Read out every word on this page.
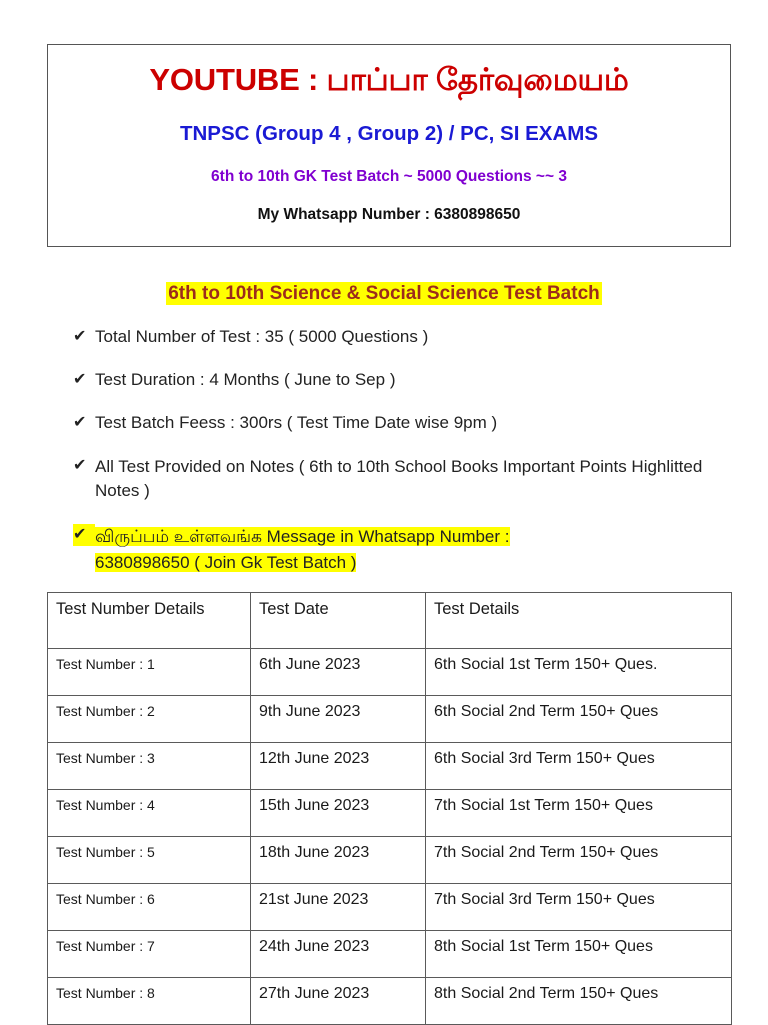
YOUTUBE : பாப்பா தேர்வுமையம்
TNPSC (Group 4 , Group 2) / PC, SI EXAMS
6th to 10th GK Test Batch ~ 5000 Questions ~~ 3
My Whatsapp Number : 6380898650
6th to 10th Science & Social Science Test Batch
✔ Total Number of Test : 35 ( 5000 Questions )
✔ Test Duration : 4 Months ( June to Sep )
✔ Test Batch Feess : 300rs ( Test Time Date wise 9pm )
✔ All Test Provided on Notes ( 6th to 10th School Books Important Points Highlitted Notes )
✔ விருப்பம் உள்ளவங்க Message in Whatsapp Number :
6380898650 ( Join Gk Test Batch )
Test Number Details	Test Date	Test Details
Test Number : 1	6th June 2023	6th Social 1st Term 150+ Ques.
Test Number : 2	9th June 2023	6th Social 2nd Term 150+ Ques
Test Number : 3	12th June 2023	6th Social 3rd Term 150+ Ques
Test Number : 4	15th June 2023	7th Social 1st Term 150+ Ques
Test Number : 5	18th June 2023	7th Social 2nd Term 150+ Ques
Test Number : 6	21st June 2023	7th Social 3rd Term 150+ Ques
Test Number : 7	24th June 2023	8th Social 1st Term 150+ Ques
Test Number : 8	27th June 2023	8th Social 2nd Term 150+ Ques
